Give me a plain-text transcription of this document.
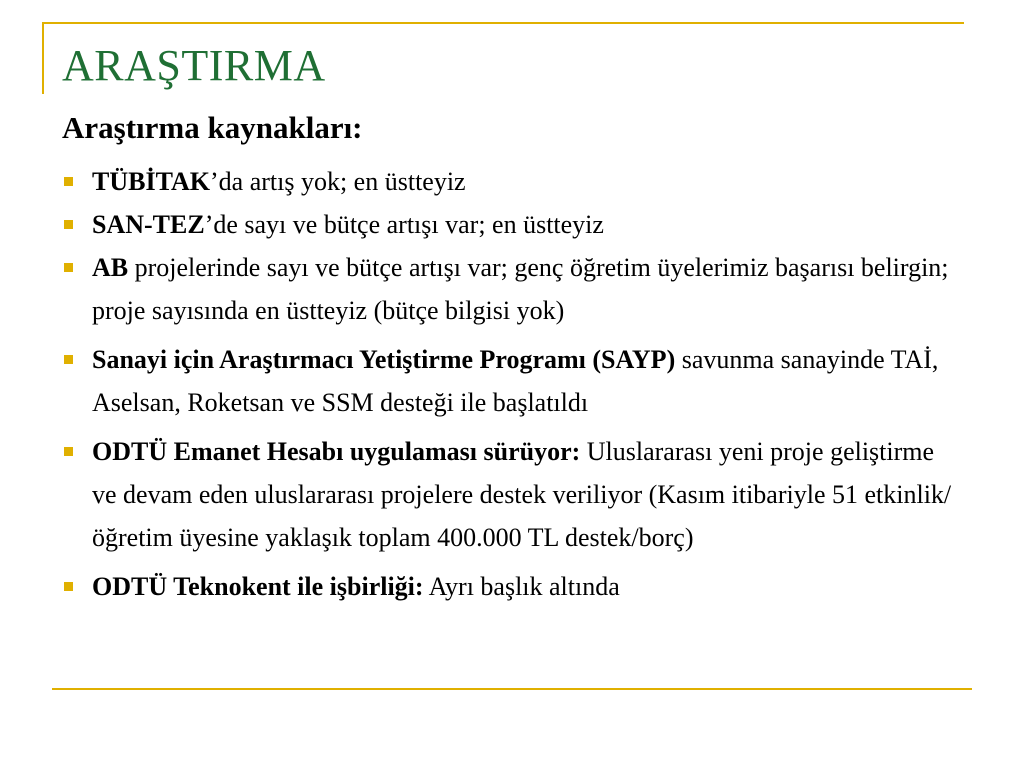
ARAŞTIRMA
Araştırma kaynakları:
TÜBİTAK’da artış yok; en üstteyiz
SAN-TEZ’de sayı ve bütçe artışı var; en üstteyiz
AB projelerinde sayı ve bütçe artışı var; genç öğretim üyelerimiz başarısı belirgin; proje sayısında en üstteyiz (bütçe bilgisi yok)
Sanayi için Araştırmacı Yetiştirme Programı (SAYP) savunma sanayinde TAİ, Aselsan, Roketsan ve SSM desteği ile başlatıldı
ODTÜ Emanet Hesabı uygulaması sürüyor: Uluslararası yeni proje geliştirme ve devam eden uluslararası projelere destek veriliyor (Kasım itibariyle 51 etkinlik/öğretim üyesine yaklaşık toplam 400.000 TL destek/borç)
ODTÜ Teknokent ile işbirliği: Ayrı başlık altında
